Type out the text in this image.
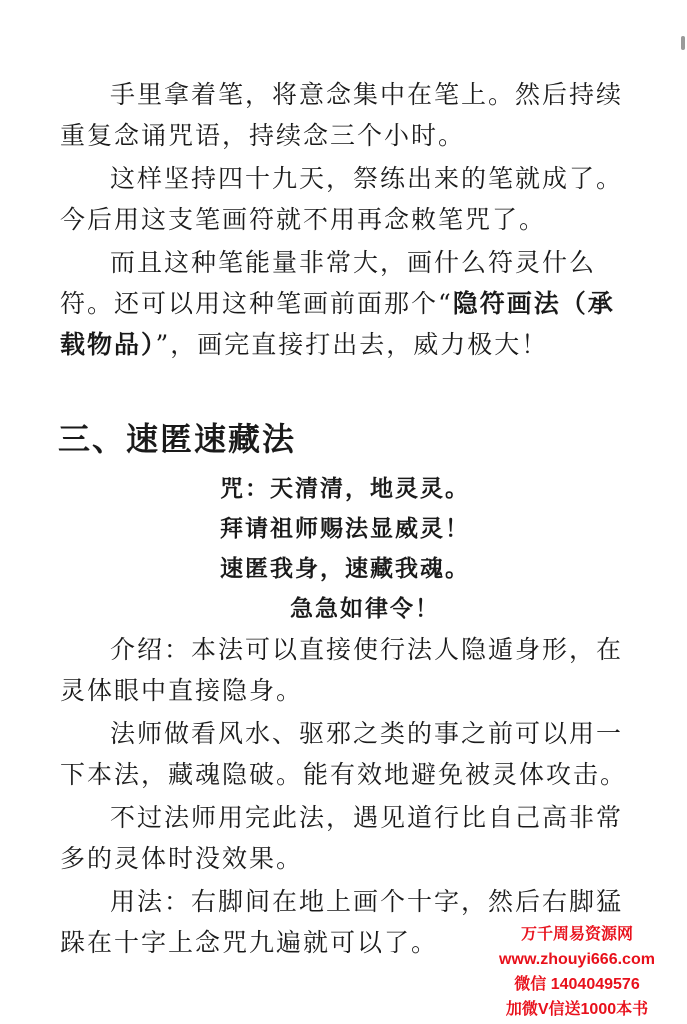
手里拿着笔，将意念集中在笔上。然后持续重复念诵咒语，持续念三个小时。

这样坚持四十九天，祭练出来的笔就成了。今后用这支笔画符就不用再念敕笔咒了。

而且这种笔能量非常大，画什么符灵什么符。还可以用这种笔画前面那个“隐符画法（承载物品）”，画完直接打出去，威力极大！

三、速匿速藏法
咒：天清清，地灵灵。
拜请祖师赐法显威灵！
速匿我身，速藏我魂。
急急如律令！

介绍：本法可以直接使行法人隐遁身形，在灵体眼中直接隐身。

法师做看风水、驱邪之类的事之前可以用一下本法，藏魂隐破。能有效地避免被灵体攻击。

不过法师用完此法，遇见道行比自己高非常多的灵体时没效果。

用法：右脚间在地上画个十字，然后右脚猛跺在十字上念咒九遍就可以了。	万千周易资源网
www.zhouyi666.com
微信 1404049576
加微V信送1000本书
